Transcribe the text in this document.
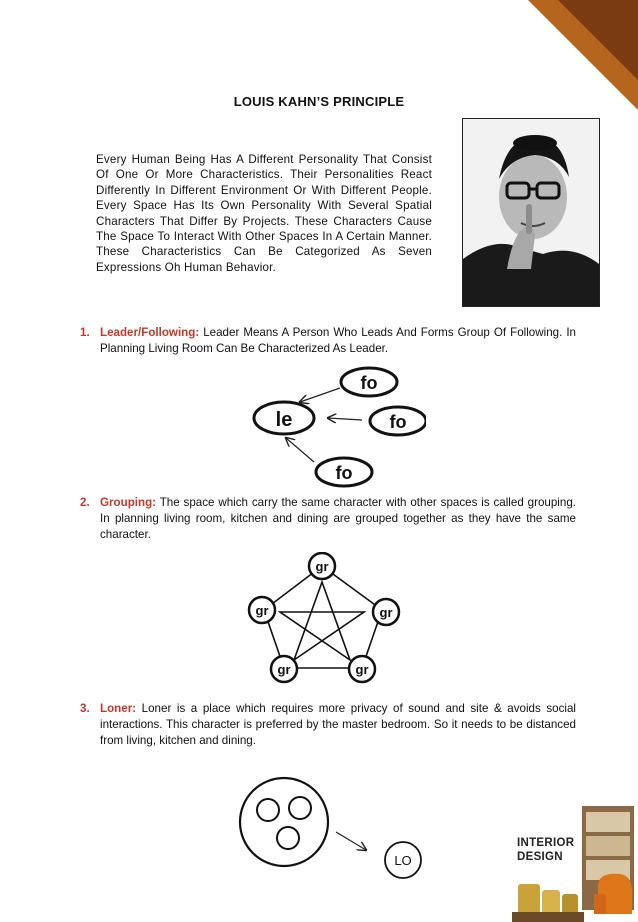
LOUIS KAHN’S PRINCIPLE
Every Human Being Has A Different Personality That Consist Of One Or More Characteristics. Their Personalities React Differently In Different Environment Or With Different People. Every Space Has Its Own Personality With Several Spatial Characters That Differ By Projects. These Characters Cause The Space To Interact With Other Spaces In A Certain Manner. These Characteristics Can Be Categorized As Seven Expressions Oh Human Behavior.
1. Leader/Following: Leader Means A Person Who Leads And Forms Group Of Following. In Planning Living Room Can Be Characterized As Leader.
le
fo
fo
fo
2. Grouping: The space which carry the same character with other spaces is called grouping. In planning living room, kitchen and dining are grouped together as they have the same character.
gr
gr	gr
gr	gr
3. Loner: Loner is a place which requires more privacy of sound and site & avoids social interactions. This character is preferred by the master bedroom. So it needs to be distanced from living, kitchen and dining.
LO
INTERIOR
DESIGN
